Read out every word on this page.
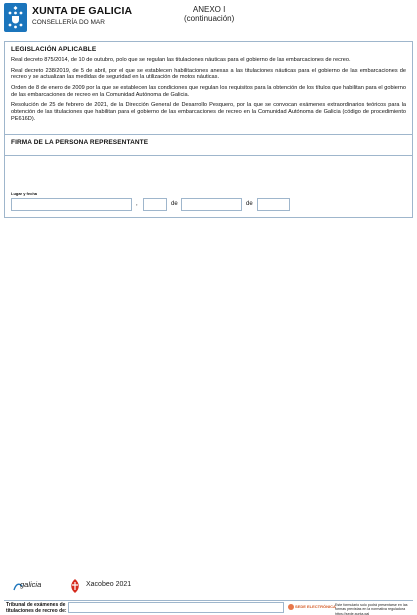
XUNTA DE GALICIA
CONSELLERÍA DO MAR
ANEXO I
(continuación)
LEGISLACIÓN APLICABLE

Real decreto 875/2014, de 10 de outubro, polo que se regulan las titulaciones náuticas para el gobierno de las embarcaciones de recreo.

Real decreto 238/2019, de 5 de abril, por el que se establecen habilitaciones anexas a las titulaciones náuticas para el gobierno de las embarcaciones de recreo y se actualizan las medidas de seguridad en la utilización de motos náuticas.

Orden de 8 de enero de 2009 por la que se establecen las condiciones que regulan los requisitos para la obtención de los títulos que habilitan para el gobierno de las embarcaciones de recreo en la Comunidad Autónoma de Galicia.

Resolución de 25 de febrero de 2021, de la Dirección General de Desarrollo Pesquero, por la que se convocan exámenes extraordinarios teóricos para la obtención de las titulaciones que habilitan para el gobierno de las embarcaciones de recreo en la Comunidad Autónoma de Galicia (código de procedimiento PE616D).

FIRMA DE LA PERSONA REPRESENTANTE
Lugar y fecha
,	de	de
galicia	Xacobeo 2021
Tribunal de exámenes de
titulaciones de recreo de:
SEDE ELECTRÓNICA Este formulario solo podrá presentarse en las formas previstas en la normativa reguladora https://sede.xunta.gal
